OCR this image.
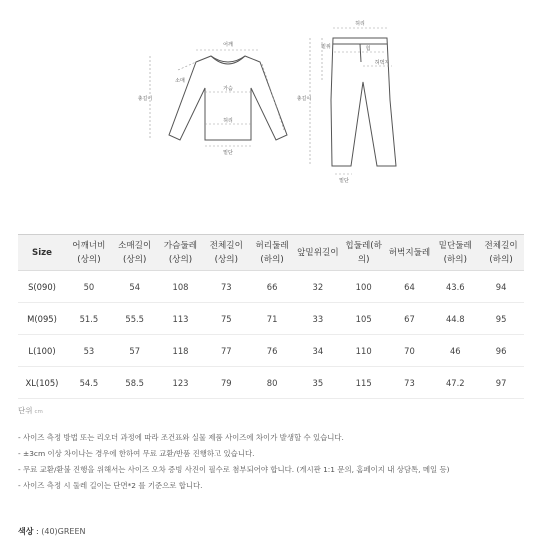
어깨
총길이
소매
가슴
허리
밑단
허리
밑위	힙
허벅지
총길이
밑단
Size	어깨너비(상의)	소매길이(상의)	가슴둘레(상의)	전체길이(상의)	허리둘레(하의)	앞밑위길이	힙둘레(하의)	허벅지둘레	밑단둘레(하의)	전체길이(하의)
S(090)	50	54	108	73	66	32	100	64	43.6	94
M(095)	51.5	55.5	113	75	71	33	105	67	44.8	95
L(100)	53	57	118	77	76	34	110	70	46	96
XL(105)	54.5	58.5	123	79	80	35	115	73	47.2	97
단위 cm
- 사이즈 측정 방법 또는 리오더 과정에 따라 조건표와 실물 제품 사이즈에 차이가 발생할 수 있습니다.
- ±3cm 이상 차이나는 경우에 한하여 무료 교환/반품 진행하고 있습니다.
- 무료 교환/환불 진행을 위해서는 사이즈 오차 증빙 사진이 필수로 첨부되어야 합니다. (게시판 1:1 문의, 홈페이지 내 상담톡, 메일 등)
- 사이즈 측정 시 둘레 길이는 단면*2 를 기준으로 합니다.
색상 : (40)GREEN
